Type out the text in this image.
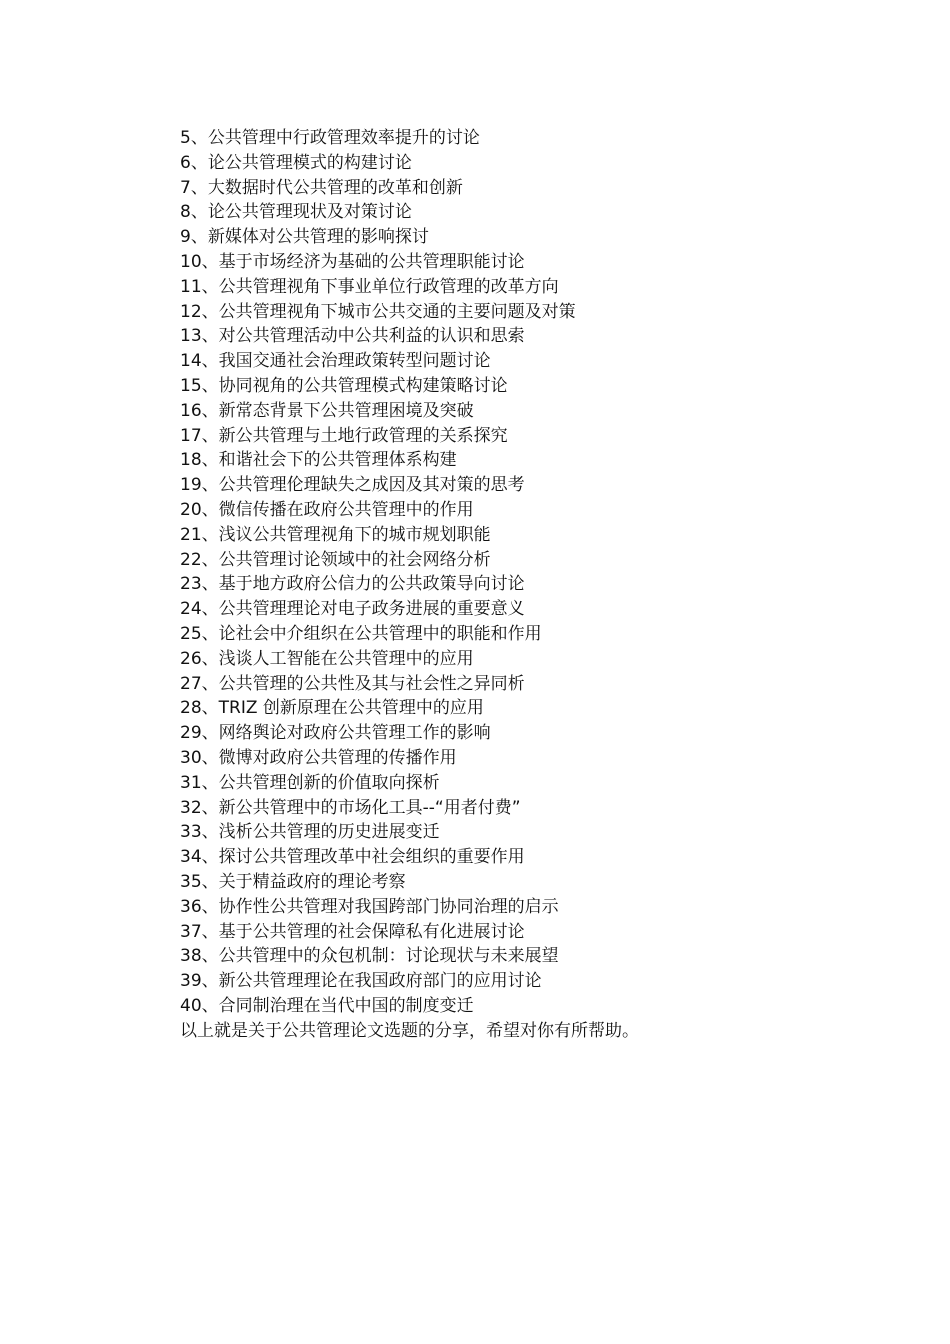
5、公共管理中行政管理效率提升的讨论
6、论公共管理模式的构建讨论
7、大数据时代公共管理的改革和创新
8、论公共管理现状及对策讨论
9、新媒体对公共管理的影响探讨
10、基于市场经济为基础的公共管理职能讨论
11、公共管理视角下事业单位行政管理的改革方向
12、公共管理视角下城市公共交通的主要问题及对策
13、对公共管理活动中公共利益的认识和思索
14、我国交通社会治理政策转型问题讨论
15、协同视角的公共管理模式构建策略讨论
16、新常态背景下公共管理困境及突破
17、新公共管理与土地行政管理的关系探究
18、和谐社会下的公共管理体系构建
19、公共管理伦理缺失之成因及其对策的思考
20、微信传播在政府公共管理中的作用
21、浅议公共管理视角下的城市规划职能
22、公共管理讨论领域中的社会网络分析
23、基于地方政府公信力的公共政策导向讨论
24、公共管理理论对电子政务进展的重要意义
25、论社会中介组织在公共管理中的职能和作用
26、浅谈人工智能在公共管理中的应用
27、公共管理的公共性及其与社会性之异同析
28、TRIZ 创新原理在公共管理中的应用
29、网络舆论对政府公共管理工作的影响
30、微博对政府公共管理的传播作用
31、公共管理创新的价值取向探析
32、新公共管理中的市场化工具--“用者付费”
33、浅析公共管理的历史进展变迁
34、探讨公共管理改革中社会组织的重要作用
35、关于精益政府的理论考察
36、协作性公共管理对我国跨部门协同治理的启示
37、基于公共管理的社会保障私有化进展讨论
38、公共管理中的众包机制：讨论现状与未来展望
39、新公共管理理论在我国政府部门的应用讨论
40、合同制治理在当代中国的制度变迁

以上就是关于公共管理论文选题的分享，希望对你有所帮助。
